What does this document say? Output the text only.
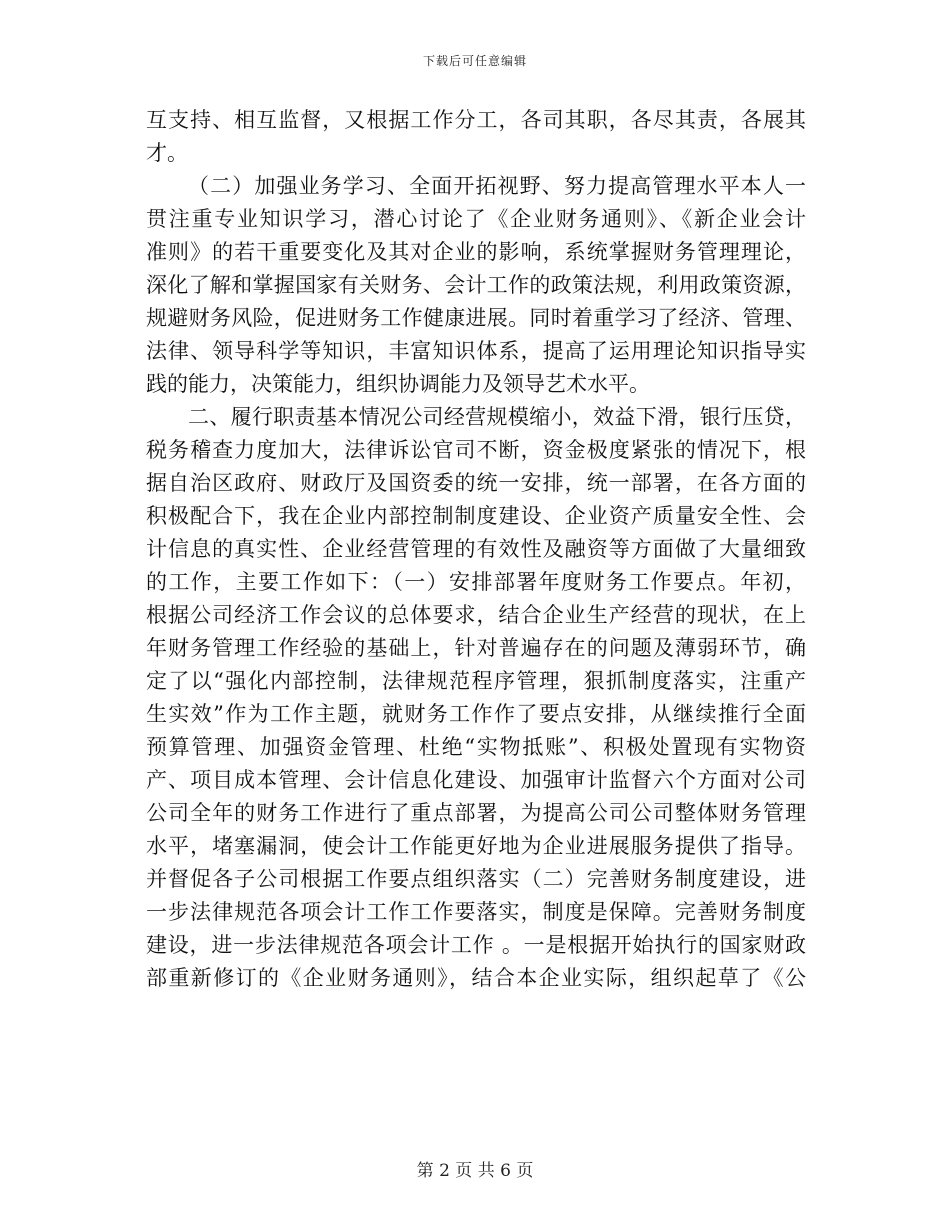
下载后可任意编辑
互支持、相互监督，又根据工作分工，各司其职，各尽其责，各展其
才。
（二）加强业务学习、全面开拓视野、努力提高管理水平本人一
贯注重专业知识学习，潜心讨论了《企业财务通则》、《新企业会计
准则》的若干重要变化及其对企业的影响，系统掌握财务管理理论，
深化了解和掌握国家有关财务、会计工作的政策法规，利用政策资源，
规避财务风险，促进财务工作健康进展。同时着重学习了经济、管理、
法律、领导科学等知识，丰富知识体系，提高了运用理论知识指导实
践的能力，决策能力，组织协调能力及领导艺术水平。
二、履行职责基本情况公司经营规模缩小，效益下滑，银行压贷，
税务稽查力度加大，法律诉讼官司不断，资金极度紧张的情况下，根
据自治区政府、财政厅及国资委的统一安排，统一部署，在各方面的
积极配合下，我在企业内部控制制度建设、企业资产质量安全性、会
计信息的真实性、企业经营管理的有效性及融资等方面做了大量细致
的工作，主要工作如下：（一）安排部署年度财务工作要点。年初，
根据公司经济工作会议的总体要求，结合企业生产经营的现状，在上
年财务管理工作经验的基础上，针对普遍存在的问题及薄弱环节，确
定了以“强化内部控制，法律规范程序管理，狠抓制度落实，注重产
生实效”作为工作主题，就财务工作作了要点安排，从继续推行全面
预算管理、加强资金管理、杜绝“实物抵账”、积极处置现有实物资
产、项目成本管理、会计信息化建设、加强审计监督六个方面对公司
公司全年的财务工作进行了重点部署，为提高公司公司整体财务管理
水平，堵塞漏洞，使会计工作能更好地为企业进展服务提供了指导。
并督促各子公司根据工作要点组织落实（二）完善财务制度建设，进
一步法律规范各项会计工作工作要落实，制度是保障。完善财务制度
建设，进一步法律规范各项会计工作 。一是根据开始执行的国家财政
部重新修订的《企业财务通则》，结合本企业实际，组织起草了《公
第 2 页 共 6 页
